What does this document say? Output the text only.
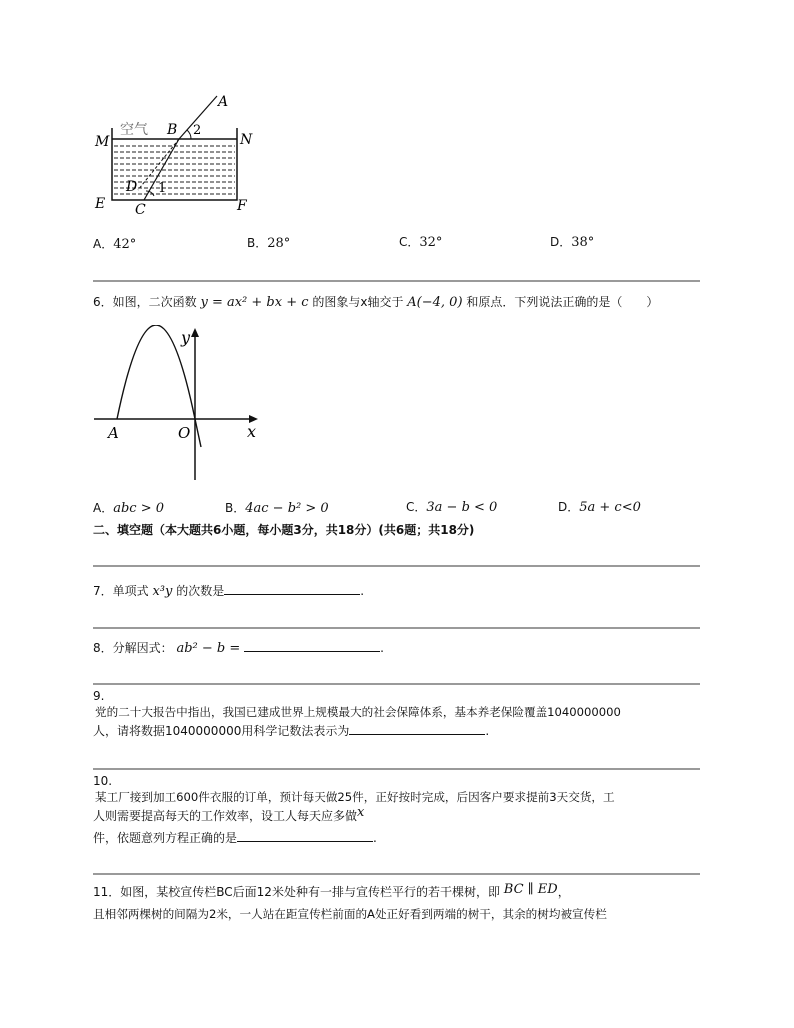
空气
A
B 2
M	N
D 1
E C	F
A．42°	B．28°	C．32°	D．38°
6．如图，二次函数 y = ax² + bx + c 的图象与x轴交于 A(−4, 0) 和原点．下列说法正确的是（　　）
y
x
A	O
A．abc > 0	B．4ac − b² > 0	C．3a − b < 0	D．5a + c<0
二、填空题（本大题共6小题，每小题3分，共18分）(共6题；共18分)
7．单项式 x³y 的次数是	.
8．分解因式： ab² − b =	.
9.
党的二十大报告中指出，我国已建成世界上规模最大的社会保障体系，基本养老保险覆盖1040000000
人，请将数据1040000000用科学记数法表示为	.
10.
某工厂接到加工600件衣服的订单，预计每天做25件，正好按时完成，后因客户要求提前3天交货，工
人则需要提高每天的工作效率，设工人每天应多做x
件，依题意列方程正确的是	.
11．如图，某校宣传栏BC后面12米处种有一排与宣传栏平行的若干棵树，即 BC ∥ ED，
且相邻两棵树的间隔为2米，一人站在距宣传栏前面的A处正好看到两端的树干，其余的树均被宣传栏
